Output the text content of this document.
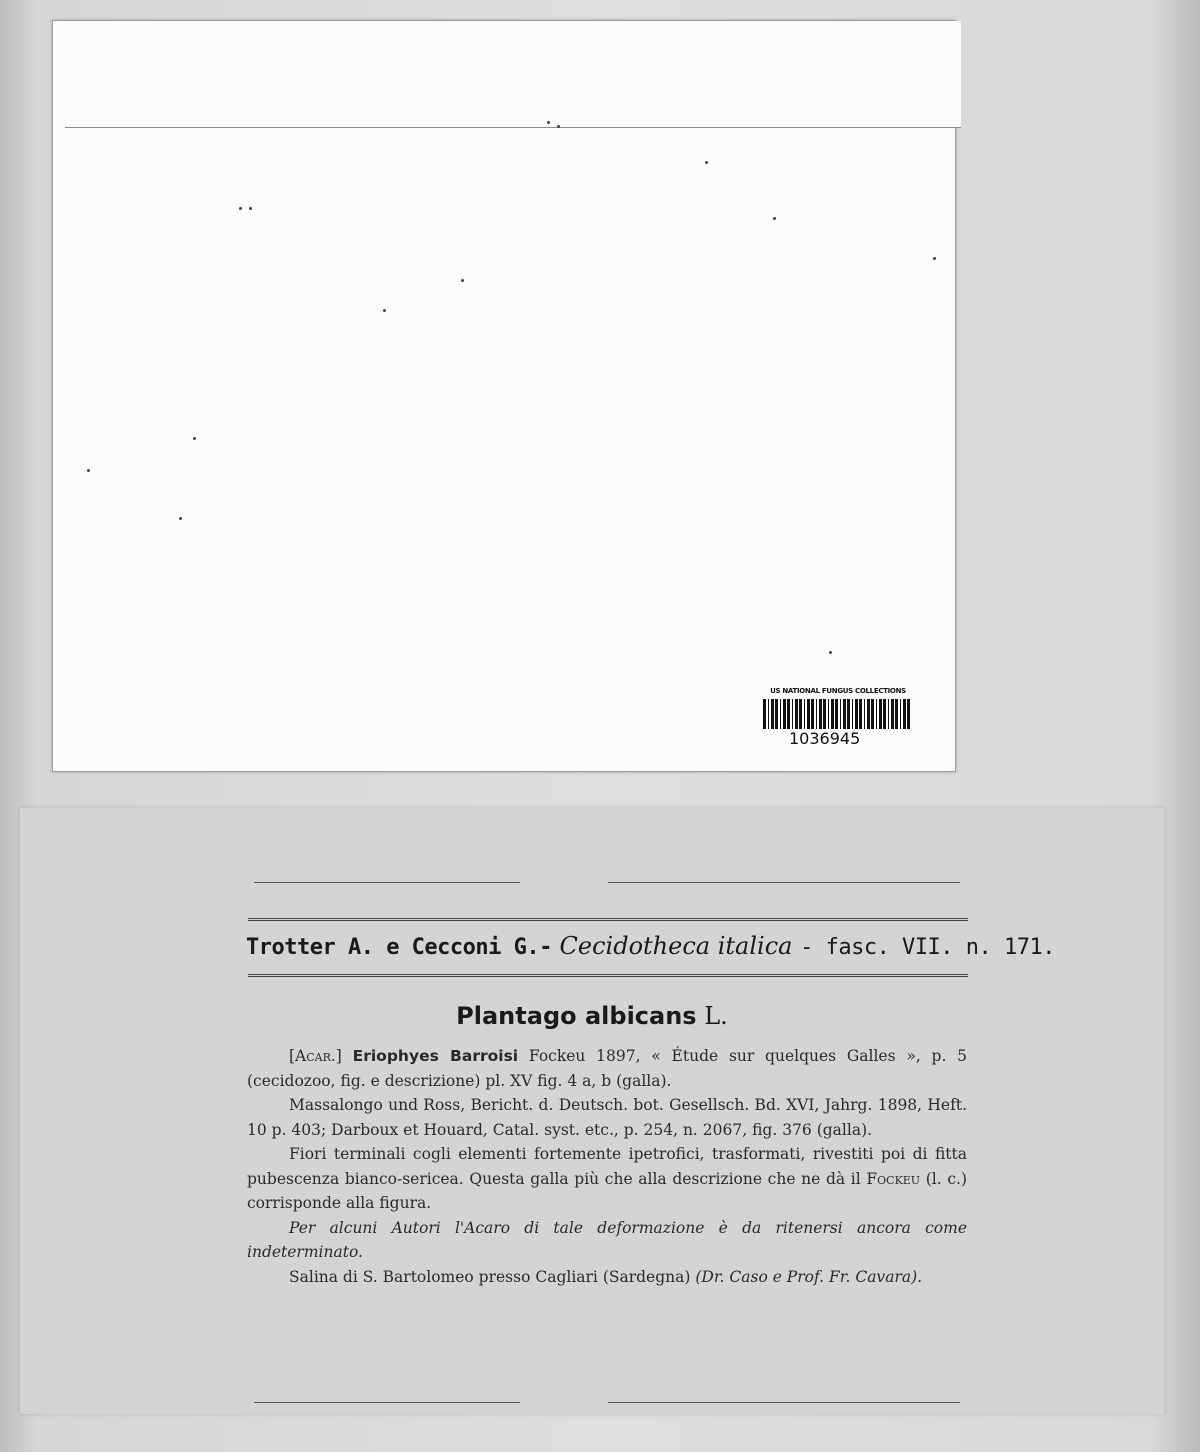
US NATIONAL FUNGUS COLLECTIONS
1036945
Trotter A. e Cecconi G.- Cecidotheca italica - fasc. VII. n. 171.
Plantago albicans L.

[Acar.] Eriophyes Barroisi Fockeu 1897, « Étude sur quelques Galles », p. 5 (cecidozoo, fig. e descrizione) pl. XV fig. 4 a, b (galla).

Massalongo und Ross, Bericht. d. Deutsch. bot. Gesellsch. Bd. XVI, Jahrg. 1898, Heft. 10 p. 403; Darboux et Houard, Catal. syst. etc., p. 254, n. 2067, fig. 376 (galla).

Fiori terminali cogli elementi fortemente ipetrofici, trasformati, rivestiti poi di fitta pubescenza bianco-sericea. Questa galla più che alla descrizione che ne dà il Fockeu (l. c.) corrisponde alla figura.

Per alcuni Autori l'Acaro di tale deformazione è da ritenersi ancora come indeterminato.

Salina di S. Bartolomeo presso Cagliari (Sardegna) (Dr. Caso e Prof. Fr. Cavara).
